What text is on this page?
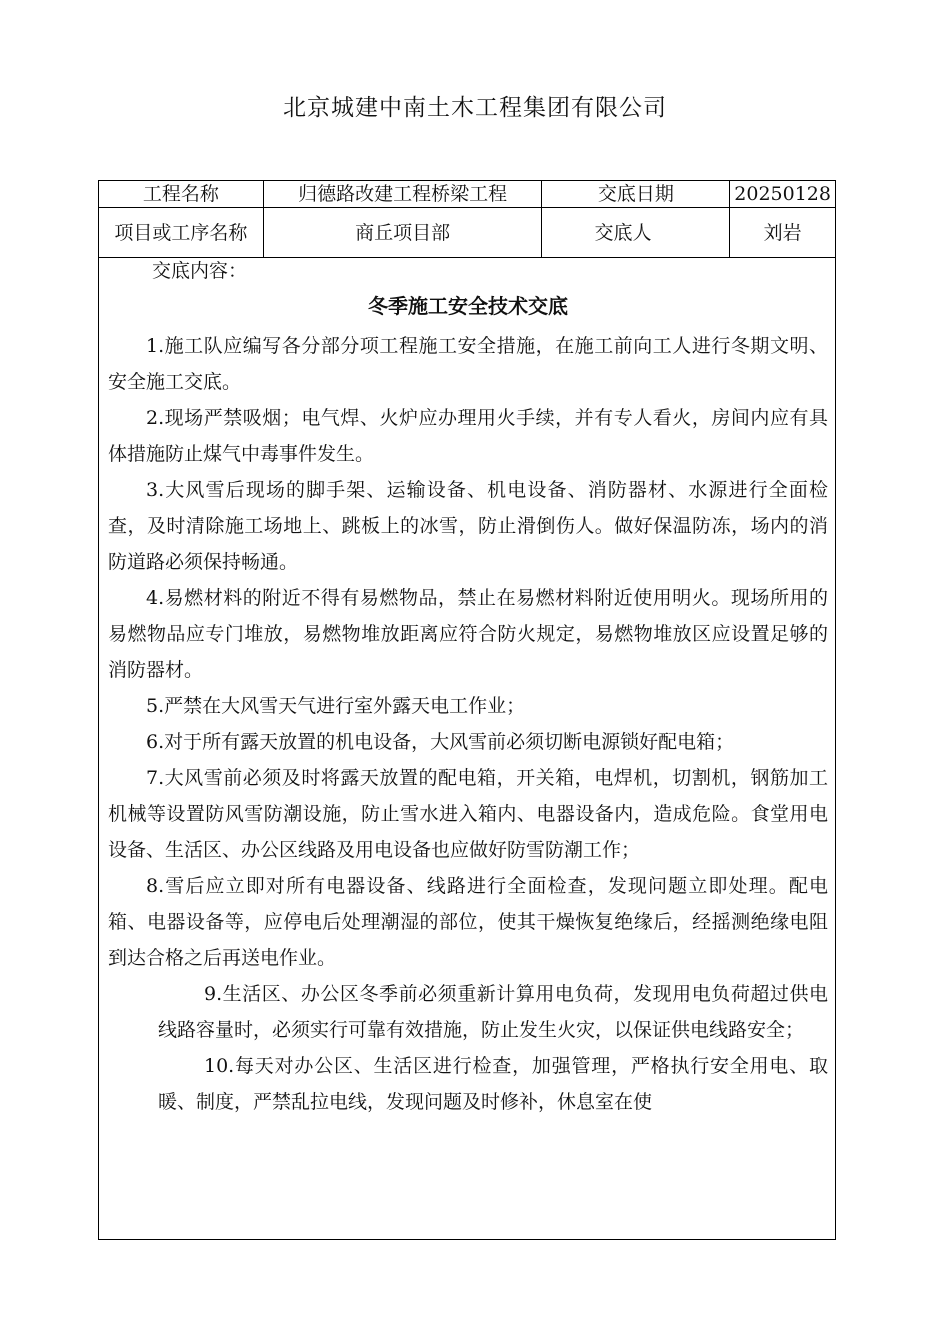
北京城建中南土木工程集团有限公司
工程名称	归德路改建工程桥梁工程	交底日期	20250128
项目或工序名称	商丘项目部	交底人	刘岩
交底内容：
冬季施工安全技术交底

1.施工队应编写各分部分项工程施工安全措施，在施工前向工人进行冬期文明、安全施工交底。

2.现场严禁吸烟；电气焊、火炉应办理用火手续，并有专人看火，房间内应有具体措施防止煤气中毒事件发生。

3.大风雪后现场的脚手架、运输设备、机电设备、消防器材、水源进行全面检查，及时清除施工场地上、跳板上的冰雪，防止滑倒伤人。做好保温防冻，场内的消防道路必须保持畅通。

4.易燃材料的附近不得有易燃物品，禁止在易燃材料附近使用明火。现场所用的易燃物品应专门堆放，易燃物堆放距离应符合防火规定，易燃物堆放区应设置足够的消防器材。

5.严禁在大风雪天气进行室外露天电工作业；

6.对于所有露天放置的机电设备，大风雪前必须切断电源锁好配电箱；

7.大风雪前必须及时将露天放置的配电箱，开关箱，电焊机，切割机，钢筋加工机械等设置防风雪防潮设施，防止雪水进入箱内、电器设备内，造成危险。食堂用电设备、生活区、办公区线路及用电设备也应做好防雪防潮工作；

8.雪后应立即对所有电器设备、线路进行全面检查，发现问题立即处理。配电箱、电器设备等，应停电后处理潮湿的部位，使其干燥恢复绝缘后，经摇测绝缘电阻到达合格之后再送电作业。

9.生活区、办公区冬季前必须重新计算用电负荷，发现用电负荷超过供电线路容量时，必须实行可靠有效措施，防止发生火灾，以保证供电线路安全；

10.每天对办公区、生活区进行检查，加强管理，严格执行安全用电、取暖、制度，严禁乱拉电线，发现问题及时修补，休息室在使
